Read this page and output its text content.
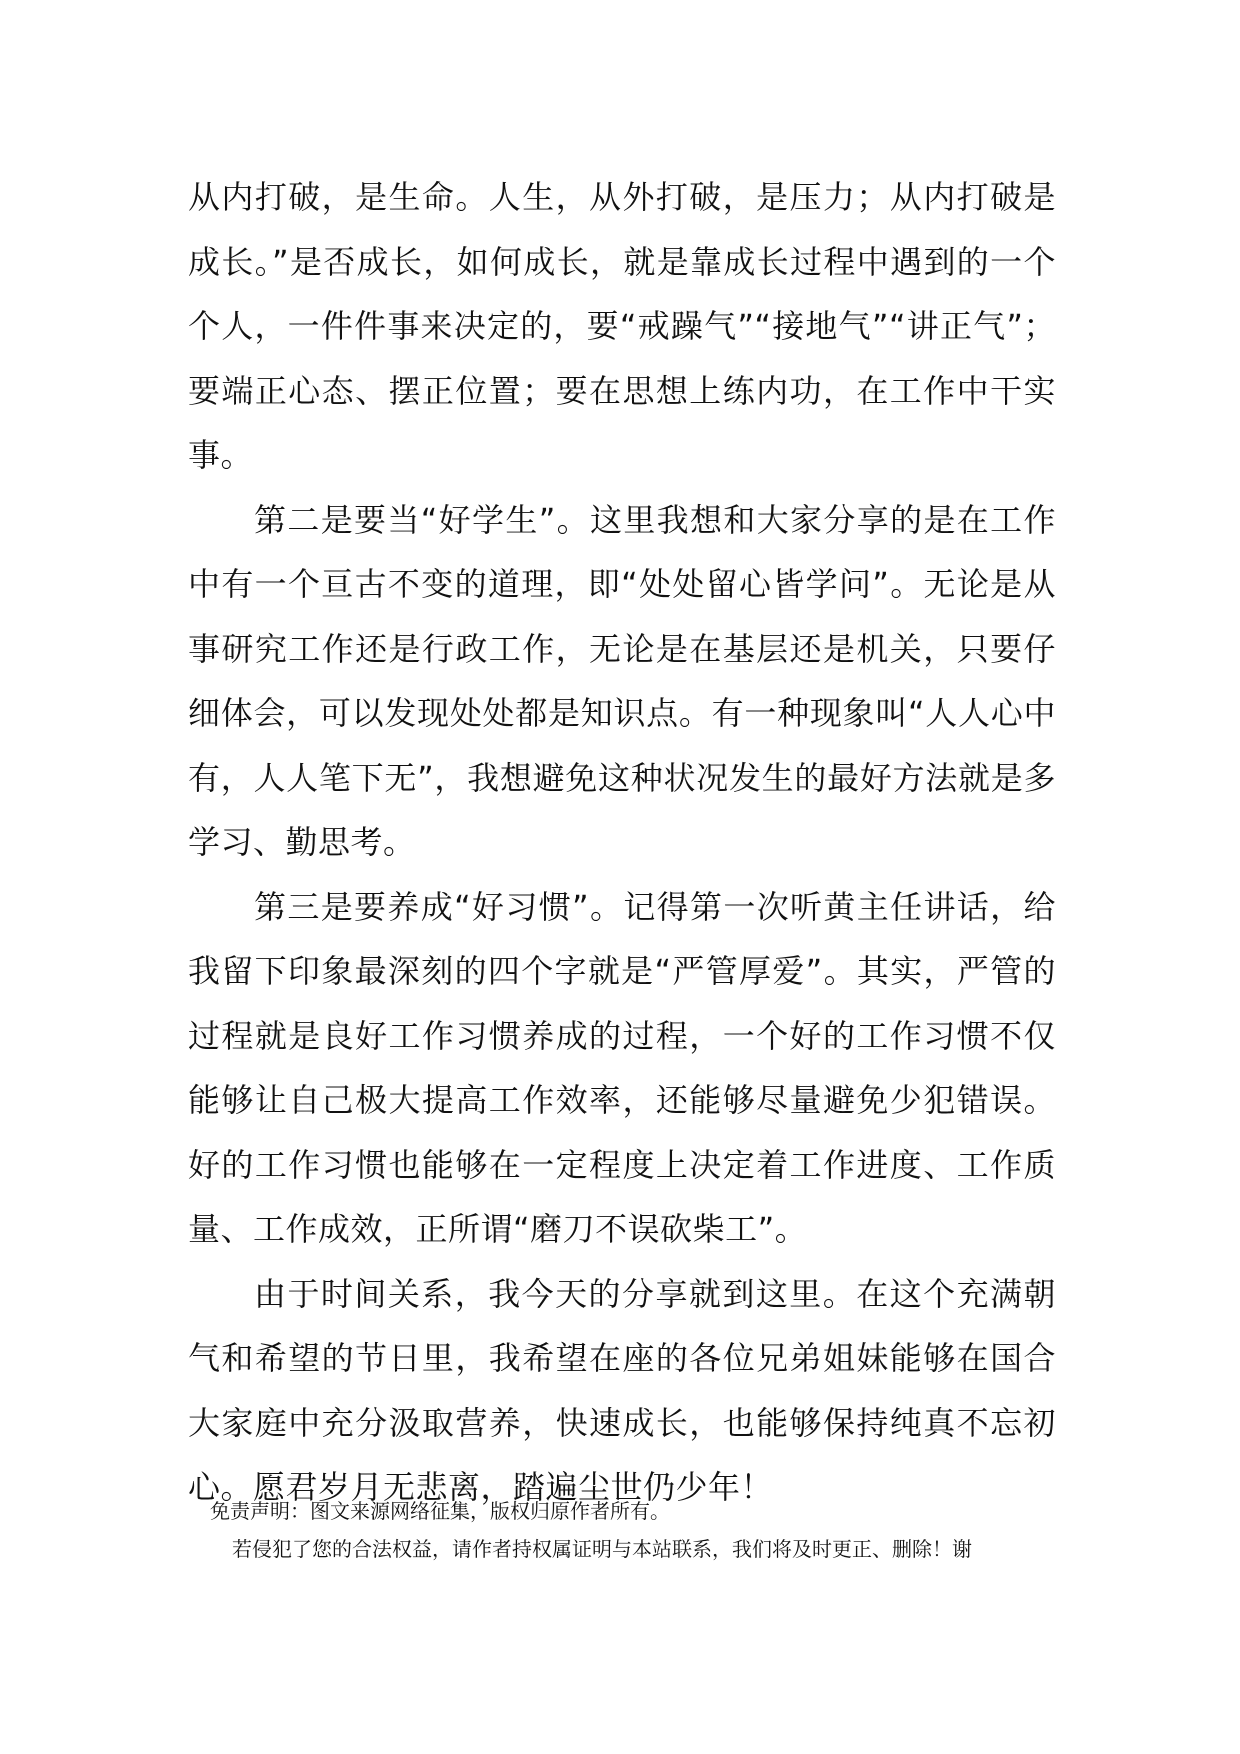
从内打破，是生命。人生，从外打破，是压力；从内打破是成长。”是否成长，如何成长，就是靠成长过程中遇到的一个个人，一件件事来决定的，要“戒躁气”“接地气”“讲正气”；要端正心态、摆正位置；要在思想上练内功，在工作中干实事。

第二是要当“好学生”。这里我想和大家分享的是在工作中有一个亘古不变的道理，即“处处留心皆学问”。无论是从事研究工作还是行政工作，无论是在基层还是机关，只要仔细体会，可以发现处处都是知识点。有一种现象叫“人人心中有，人人笔下无”，我想避免这种状况发生的最好方法就是多学习、勤思考。

第三是要养成“好习惯”。记得第一次听黄主任讲话，给我留下印象最深刻的四个字就是“严管厚爱”。其实，严管的过程就是良好工作习惯养成的过程，一个好的工作习惯不仅能够让自己极大提高工作效率，还能够尽量避免少犯错误。好的工作习惯也能够在一定程度上决定着工作进度、工作质量、工作成效，正所谓“磨刀不误砍柴工”。

由于时间关系，我今天的分享就到这里。在这个充满朝气和希望的节日里，我希望在座的各位兄弟姐妹能够在国合大家庭中充分汲取营养，快速成长，也能够保持纯真不忘初心。愿君岁月无悲离，踏遍尘世仍少年！

免责声明：图文来源网络征集，版权归原作者所有。
若侵犯了您的合法权益，请作者持权属证明与本站联系，我们将及时更正、删除！谢
